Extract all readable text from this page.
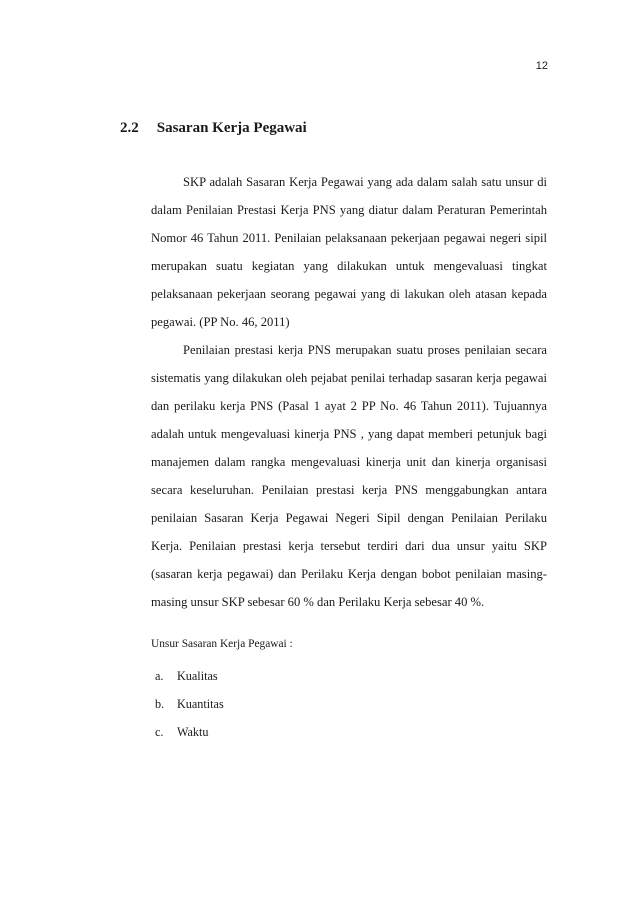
12
2.2 Sasaran Kerja Pegawai

SKP adalah Sasaran Kerja Pegawai yang ada dalam salah satu unsur di dalam Penilaian Prestasi Kerja PNS yang diatur dalam Peraturan Pemerintah Nomor 46 Tahun 2011. Penilaian pelaksanaan pekerjaan pegawai negeri sipil merupakan suatu kegiatan yang dilakukan untuk mengevaluasi tingkat pelaksanaan pekerjaan seorang pegawai yang di lakukan oleh atasan kepada pegawai. (PP No. 46, 2011)

Penilaian prestasi kerja PNS merupakan suatu proses penilaian secara sistematis yang dilakukan oleh pejabat penilai terhadap sasaran kerja pegawai dan perilaku kerja PNS (Pasal 1 ayat 2 PP No. 46 Tahun 2011). Tujuannya adalah untuk mengevaluasi kinerja PNS , yang dapat memberi petunjuk bagi manajemen dalam rangka mengevaluasi kinerja unit dan kinerja organisasi secara keseluruhan. Penilaian prestasi kerja PNS menggabungkan antara penilaian Sasaran Kerja Pegawai Negeri Sipil dengan Penilaian Perilaku Kerja. Penilaian prestasi kerja tersebut terdiri dari dua unsur yaitu SKP (sasaran kerja pegawai) dan Perilaku Kerja dengan bobot penilaian masing-masing unsur SKP sebesar 60 % dan Perilaku Kerja sebesar 40 %.

Unsur Sasaran Kerja Pegawai :
a.	Kualitas
b.	Kuantitas
c.	Waktu
